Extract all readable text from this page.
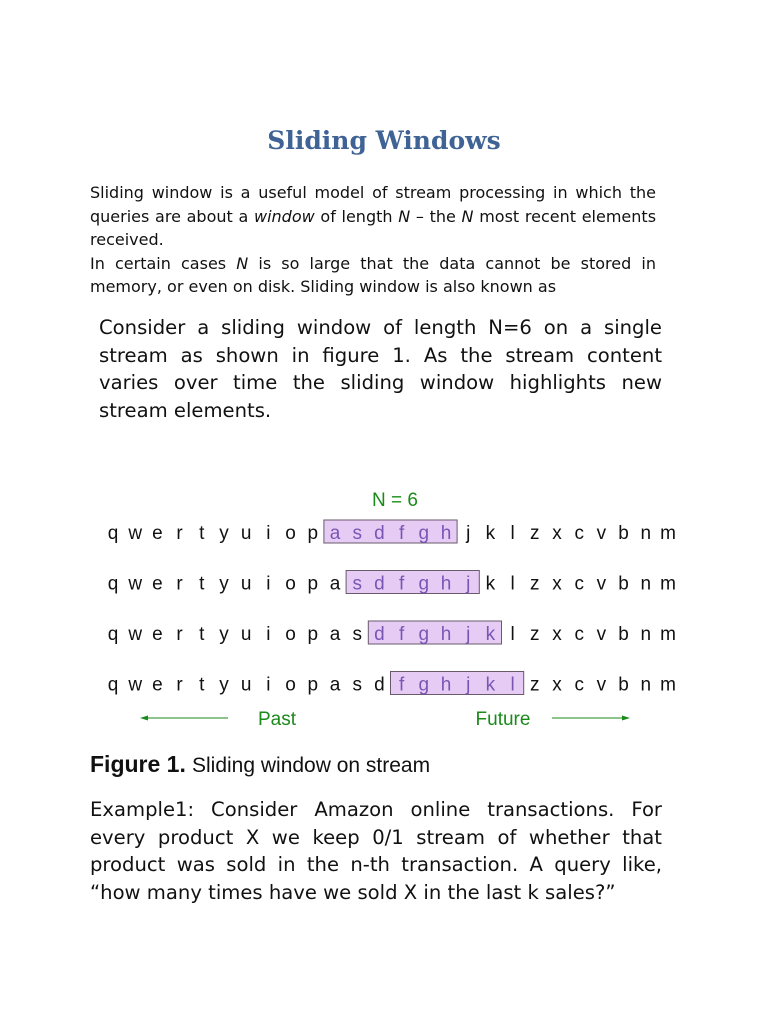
Sliding Windows

Sliding window is a useful model of stream processing in which the queries are about a window of length N – the N most recent elements received.

In certain cases N is so large that the data cannot be stored in memory, or even on disk. Sliding window is also known as

Consider a sliding window of length N=6 on a single stream as shown in figure 1. As the stream content varies over time the sliding window highlights new stream elements.

N = 6
q w e r t y u i o p a s d f g h j k l z x c v b n m
q w e r t y u i o p a s d f g h j k l z x c v b n m
q w e r t y u i o p a s d f g h j k l z x c v b n m
q w e r t y u i o p a s d f g h j k l z x c v b n m
Past	Future
Figure 1. Sliding window on stream

Example1: Consider Amazon online transactions. For every product X we keep 0/1 stream of whether that product was sold in the n-th transaction. A query like, “how many times have we sold X in the last k sales?”
